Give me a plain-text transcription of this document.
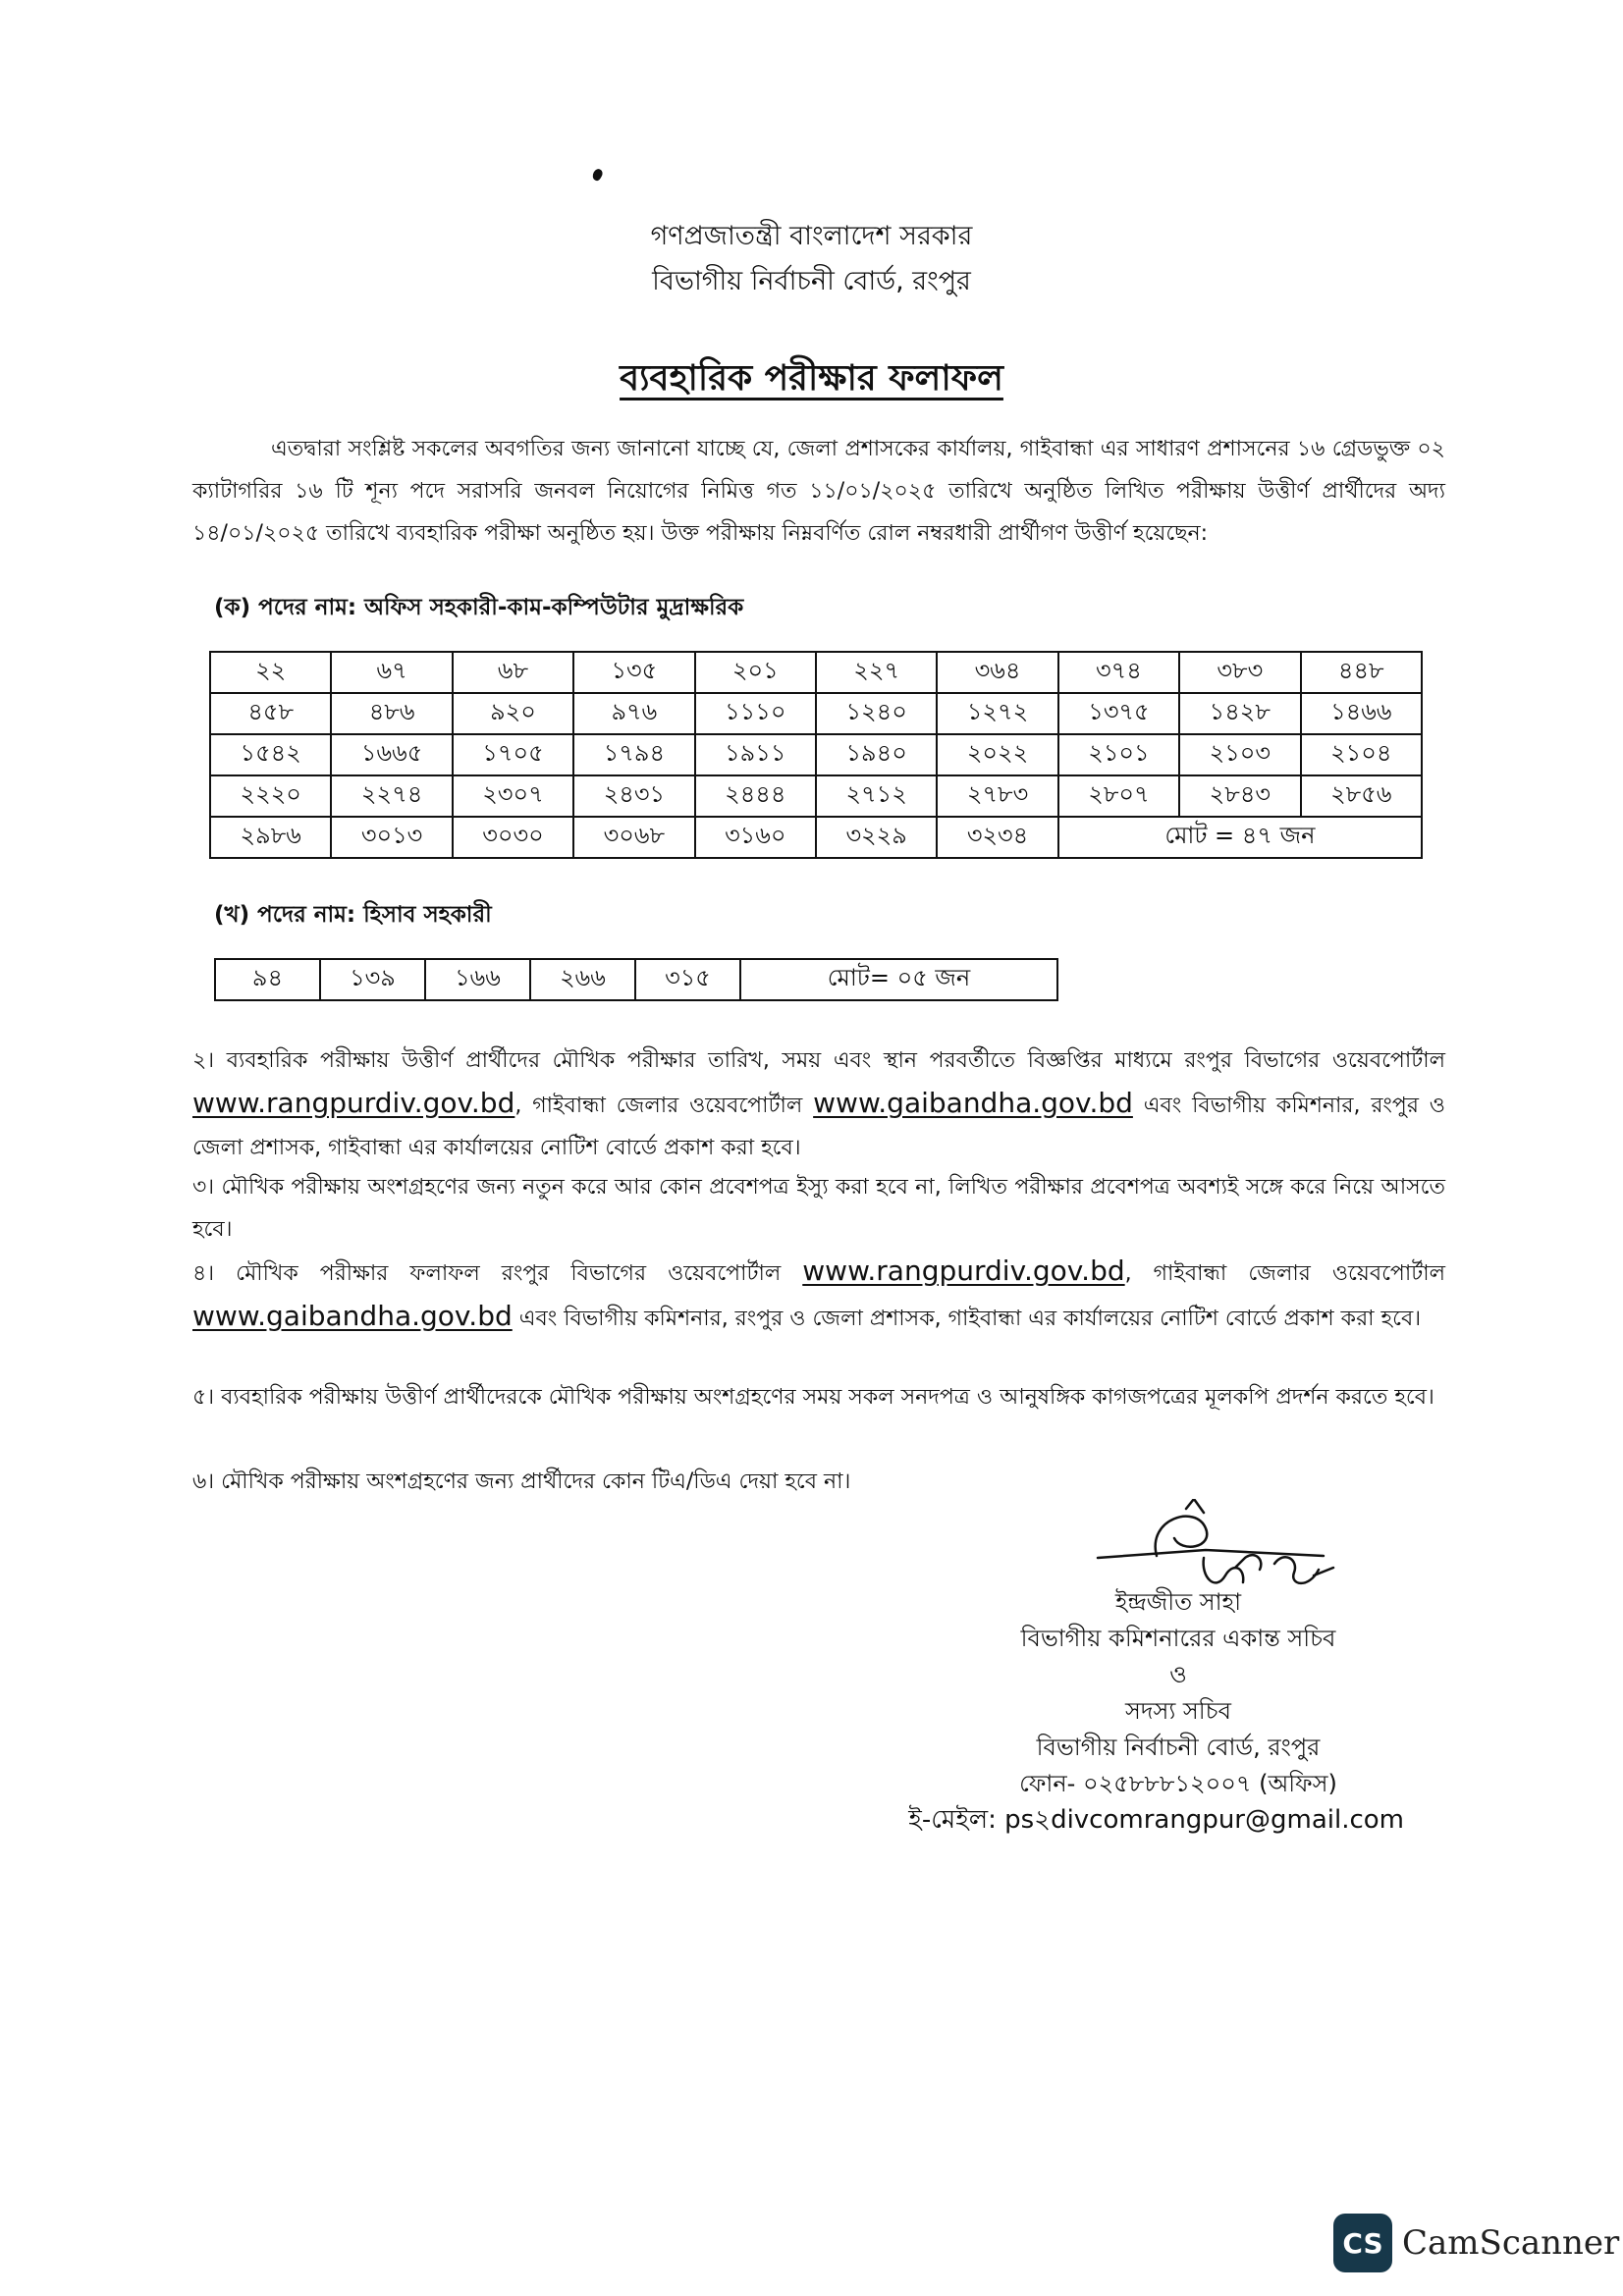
গণপ্রজাতন্ত্রী বাংলাদেশ সরকার
বিভাগীয় নির্বাচনী বোর্ড, রংপুর
ব্যবহারিক পরীক্ষার ফলাফল
এতদ্বারা সংশ্লিষ্ট সকলের অবগতির জন্য জানানো যাচ্ছে যে, জেলা প্রশাসকের কার্যালয়, গাইবান্ধা এর সাধারণ প্রশাসনের ১৬ গ্রেডভুক্ত ০২ ক্যাটাগরির ১৬ টি শূন্য পদে সরাসরি জনবল নিয়োগের নিমিত্ত গত ১১/০১/২০২৫ তারিখে অনুষ্ঠিত লিখিত পরীক্ষায় উত্তীর্ণ প্রার্থীদের অদ্য ১৪/০১/২০২৫ তারিখে ব্যবহারিক পরীক্ষা অনুষ্ঠিত হয়। উক্ত পরীক্ষায় নিম্নবর্ণিত রোল নম্বরধারী প্রার্থীগণ উত্তীর্ণ হয়েছেন:
(ক) পদের নাম: অফিস সহকারী-কাম-কম্পিউটার মুদ্রাক্ষরিক
২২	৬৭	৬৮	১৩৫	২০১	২২৭	৩৬৪	৩৭৪	৩৮৩	৪৪৮
৪৫৮	৪৮৬	৯২০	৯৭৬	১১১০	১২৪০	১২৭২	১৩৭৫	১৪২৮	১৪৬৬
১৫৪২	১৬৬৫	১৭০৫	১৭৯৪	১৯১১	১৯৪০	২০২২	২১০১	২১০৩	২১০৪
২২২০	২২৭৪	২৩০৭	২৪৩১	২৪৪৪	২৭১২	২৭৮৩	২৮০৭	২৮৪৩	২৮৫৬
২৯৮৬	৩০১৩	৩০৩০	৩০৬৮	৩১৬০	৩২২৯	৩২৩৪	মোট = ৪৭ জন		
(খ) পদের নাম: হিসাব সহকারী
৯৪	১৩৯	১৬৬	২৬৬	৩১৫	মোট= ০৫ জন
২। ব্যবহারিক পরীক্ষায় উত্তীর্ণ প্রার্থীদের মৌখিক পরীক্ষার তারিখ, সময় এবং স্থান পরবর্তীতে বিজ্ঞপ্তির মাধ্যমে রংপুর বিভাগের ওয়েবপোর্টাল www.rangpurdiv.gov.bd, গাইবান্ধা জেলার ওয়েবপোর্টাল www.gaibandha.gov.bd এবং বিভাগীয় কমিশনার, রংপুর ও জেলা প্রশাসক, গাইবান্ধা এর কার্যালয়ের নোটিশ বোর্ডে প্রকাশ করা হবে।
৩। মৌখিক পরীক্ষায় অংশগ্রহণের জন্য নতুন করে আর কোন প্রবেশপত্র ইস্যু করা হবে না, লিখিত পরীক্ষার প্রবেশপত্র অবশ্যই সঙ্গে করে নিয়ে আসতে হবে।
৪। মৌখিক পরীক্ষার ফলাফল রংপুর বিভাগের ওয়েবপোর্টাল www.rangpurdiv.gov.bd, গাইবান্ধা জেলার ওয়েবপোর্টাল www.gaibandha.gov.bd এবং বিভাগীয় কমিশনার, রংপুর ও জেলা প্রশাসক, গাইবান্ধা এর কার্যালয়ের নোটিশ বোর্ডে প্রকাশ করা হবে।
৫। ব্যবহারিক পরীক্ষায় উত্তীর্ণ প্রার্থীদেরকে মৌখিক পরীক্ষায় অংশগ্রহণের সময় সকল সনদপত্র ও আনুষঙ্গিক কাগজপত্রের মূলকপি প্রদর্শন করতে হবে।
৬। মৌখিক পরীক্ষায় অংশগ্রহণের জন্য প্রার্থীদের কোন টিএ/ডিএ দেয়া হবে না।
ইন্দ্রজীত সাহা
বিভাগীয় কমিশনারের একান্ত সচিব
ও
সদস্য সচিব
বিভাগীয় নির্বাচনী বোর্ড, রংপুর
ফোন- ০২৫৮৮৮১২০০৭ (অফিস)
ই-মেইল: ps২divcomrangpur@gmail.com
CS CamScanner
